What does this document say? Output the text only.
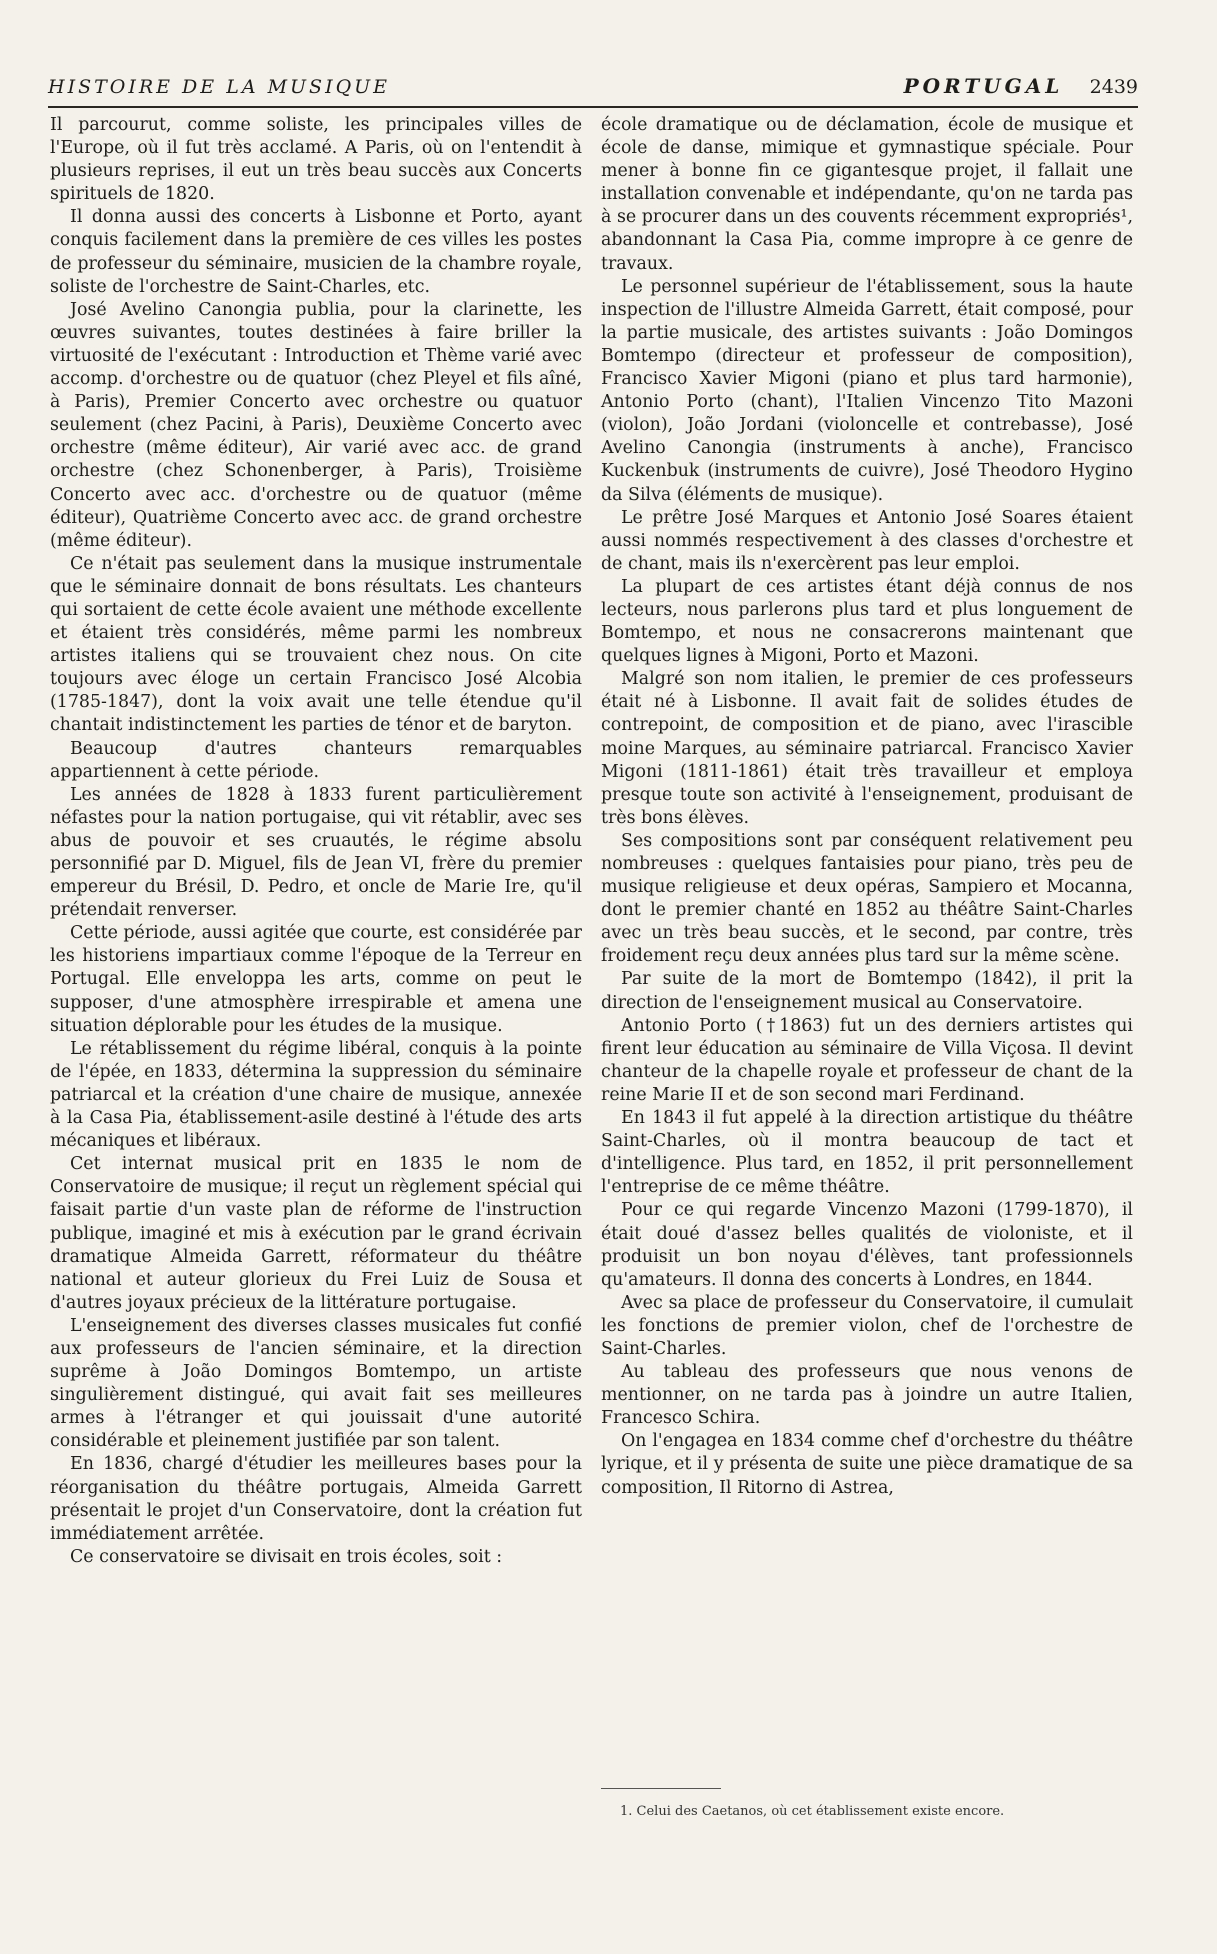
HISTOIRE DE LA MUSIQUE	PORTUGAL 2439

Il parcourut, comme soliste, les principales villes de l'Europe, où il fut très acclamé. A Paris, où on l'entendit à plusieurs reprises, il eut un très beau succès aux Concerts spirituels de 1820.

Il donna aussi des concerts à Lisbonne et Porto, ayant conquis facilement dans la première de ces villes les postes de professeur du séminaire, musicien de la chambre royale, soliste de l'orchestre de Saint-Charles, etc.

José Avelino Canongia publia, pour la clarinette, les œuvres suivantes, toutes destinées à faire briller la virtuosité de l'exécutant : Introduction et Thème varié avec accomp. d'orchestre ou de quatuor (chez Pleyel et fils aîné, à Paris), Premier Concerto avec orchestre ou quatuor seulement (chez Pacini, à Paris), Deuxième Concerto avec orchestre (même éditeur), Air varié avec acc. de grand orchestre (chez Schonenberger, à Paris), Troisième Concerto avec acc. d'orchestre ou de quatuor (même éditeur), Quatrième Concerto avec acc. de grand orchestre (même éditeur).

Ce n'était pas seulement dans la musique instrumentale que le séminaire donnait de bons résultats. Les chanteurs qui sortaient de cette école avaient une méthode excellente et étaient très considérés, même parmi les nombreux artistes italiens qui se trouvaient chez nous. On cite toujours avec éloge un certain Francisco José Alcobia (1785-1847), dont la voix avait une telle étendue qu'il chantait indistinctement les parties de ténor et de baryton.

Beaucoup d'autres chanteurs remarquables appartiennent à cette période.

Les années de 1828 à 1833 furent particulièrement néfastes pour la nation portugaise, qui vit rétablir, avec ses abus de pouvoir et ses cruautés, le régime absolu personnifié par D. Miguel, fils de Jean VI, frère du premier empereur du Brésil, D. Pedro, et oncle de Marie Ire, qu'il prétendait renverser.

Cette période, aussi agitée que courte, est considérée par les historiens impartiaux comme l'époque de la Terreur en Portugal. Elle enveloppa les arts, comme on peut le supposer, d'une atmosphère irrespirable et amena une situation déplorable pour les études de la musique.

Le rétablissement du régime libéral, conquis à la pointe de l'épée, en 1833, détermina la suppression du séminaire patriarcal et la création d'une chaire de musique, annexée à la Casa Pia, établissement-asile destiné à l'étude des arts mécaniques et libéraux.

Cet internat musical prit en 1835 le nom de Conservatoire de musique; il reçut un règlement spécial qui faisait partie d'un vaste plan de réforme de l'instruction publique, imaginé et mis à exécution par le grand écrivain dramatique Almeida Garrett, réformateur du théâtre national et auteur glorieux du Frei Luiz de Sousa et d'autres joyaux précieux de la littérature portugaise.

L'enseignement des diverses classes musicales fut confié aux professeurs de l'ancien séminaire, et la direction suprême à João Domingos Bomtempo, un artiste singulièrement distingué, qui avait fait ses meilleures armes à l'étranger et qui jouissait d'une autorité considérable et pleinement justifiée par son talent.

En 1836, chargé d'étudier les meilleures bases pour la réorganisation du théâtre portugais, Almeida Garrett présentait le projet d'un Conservatoire, dont la création fut immédiatement arrêtée.

Ce conservatoire se divisait en trois écoles, soit :

école dramatique ou de déclamation, école de musique et école de danse, mimique et gymnastique spéciale. Pour mener à bonne fin ce gigantesque projet, il fallait une installation convenable et indépendante, qu'on ne tarda pas à se procurer dans un des couvents récemment expropriés¹, abandonnant la Casa Pia, comme impropre à ce genre de travaux.

Le personnel supérieur de l'établissement, sous la haute inspection de l'illustre Almeida Garrett, était composé, pour la partie musicale, des artistes suivants : João Domingos Bomtempo (directeur et professeur de composition), Francisco Xavier Migoni (piano et plus tard harmonie), Antonio Porto (chant), l'Italien Vincenzo Tito Mazoni (violon), João Jordani (violoncelle et contrebasse), José Avelino Canongia (instruments à anche), Francisco Kuckenbuk (instruments de cuivre), José Theodoro Hygino da Silva (éléments de musique).

Le prêtre José Marques et Antonio José Soares étaient aussi nommés respectivement à des classes d'orchestre et de chant, mais ils n'exercèrent pas leur emploi.

La plupart de ces artistes étant déjà connus de nos lecteurs, nous parlerons plus tard et plus longuement de Bomtempo, et nous ne consacrerons maintenant que quelques lignes à Migoni, Porto et Mazoni.

Malgré son nom italien, le premier de ces professeurs était né à Lisbonne. Il avait fait de solides études de contrepoint, de composition et de piano, avec l'irascible moine Marques, au séminaire patriarcal. Francisco Xavier Migoni (1811-1861) était très travailleur et employa presque toute son activité à l'enseignement, produisant de très bons élèves.

Ses compositions sont par conséquent relativement peu nombreuses : quelques fantaisies pour piano, très peu de musique religieuse et deux opéras, Sampiero et Mocanna, dont le premier chanté en 1852 au théâtre Saint-Charles avec un très beau succès, et le second, par contre, très froidement reçu deux années plus tard sur la même scène.

Par suite de la mort de Bomtempo (1842), il prit la direction de l'enseignement musical au Conservatoire.

Antonio Porto (†1863) fut un des derniers artistes qui firent leur éducation au séminaire de Villa Viçosa. Il devint chanteur de la chapelle royale et professeur de chant de la reine Marie II et de son second mari Ferdinand.

En 1843 il fut appelé à la direction artistique du théâtre Saint-Charles, où il montra beaucoup de tact et d'intelligence. Plus tard, en 1852, il prit personnellement l'entreprise de ce même théâtre.

Pour ce qui regarde Vincenzo Mazoni (1799-1870), il était doué d'assez belles qualités de violoniste, et il produisit un bon noyau d'élèves, tant professionnels qu'amateurs. Il donna des concerts à Londres, en 1844.

Avec sa place de professeur du Conservatoire, il cumulait les fonctions de premier violon, chef de l'orchestre de Saint-Charles.

Au tableau des professeurs que nous venons de mentionner, on ne tarda pas à joindre un autre Italien, Francesco Schira.

On l'engagea en 1834 comme chef d'orchestre du théâtre lyrique, et il y présenta de suite une pièce dramatique de sa composition, Il Ritorno di Astrea,

1. Celui des Caetanos, où cet établissement existe encore.
